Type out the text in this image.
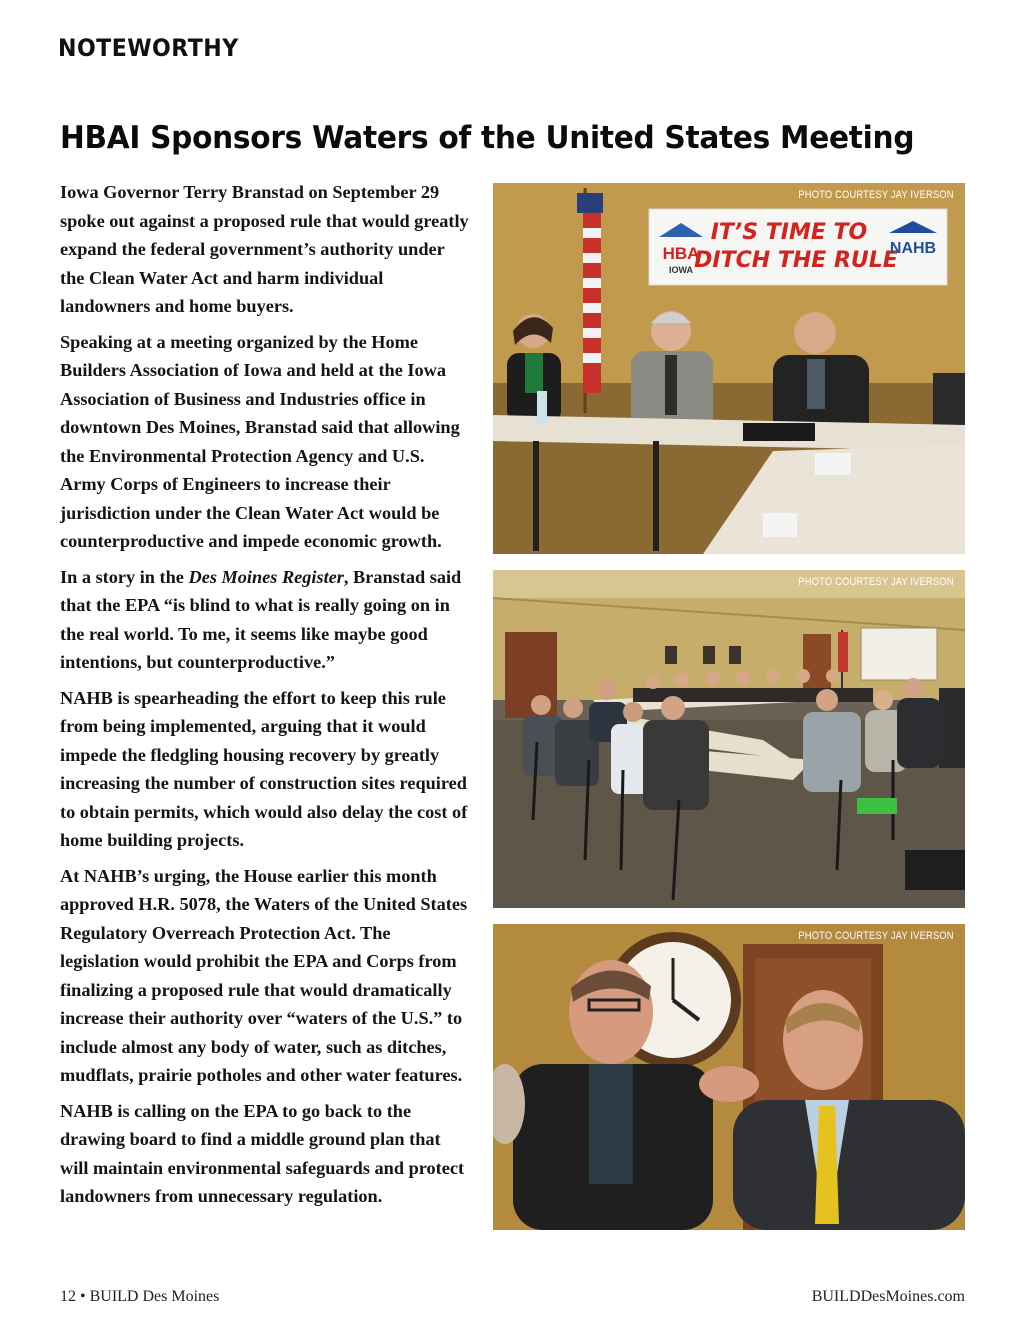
NOTEWORTHY
HBAI Sponsors Waters of the United States Meeting

Iowa Governor Terry Branstad on September 29 spoke out against a proposed rule that would greatly expand the federal government’s authority under the Clean Water Act and harm individual landowners and home buyers.

Speaking at a meeting organized by the Home Builders Association of Iowa and held at the Iowa Association of Business and Industries office in downtown Des Moines, Branstad said that allowing the Environmental Protection Agency and U.S. Army Corps of Engineers to increase their jurisdiction under the Clean Water Act would be counterproductive and impede economic growth.

In a story in the Des Moines Register, Branstad said that the EPA “is blind to what is really going on in the real world. To me, it seems like maybe good intentions, but counterproductive.”

NAHB is spearheading the effort to keep this rule from being implemented, arguing that it would impede the fledgling housing recovery by greatly increasing the number of construction sites required to obtain permits, which would also delay the cost of home building projects.

At NAHB’s urging, the House earlier this month approved H.R. 5078, the Waters of the United States Regulatory Overreach Protection Act. The legislation would prohibit the EPA and Corps from finalizing a proposed rule that would dramatically increase their authority over “waters of the U.S.” to include almost any body of water, such as ditches, mudflats, prairie potholes and other water features.

NAHB is calling on the EPA to go back to the drawing board to find a middle ground plan that will maintain environmental safeguards and protect landowners from unnecessary regulation.

HBA
IOWA
IT’S TIME TO
DITCH THE RULE
NAHB
PHOTO COURTESY JAY IVERSON
PHOTO COURTESY JAY IVERSON
PHOTO COURTESY JAY IVERSON
12 • BUILD Des Moines	BUILDDesMoines.com
